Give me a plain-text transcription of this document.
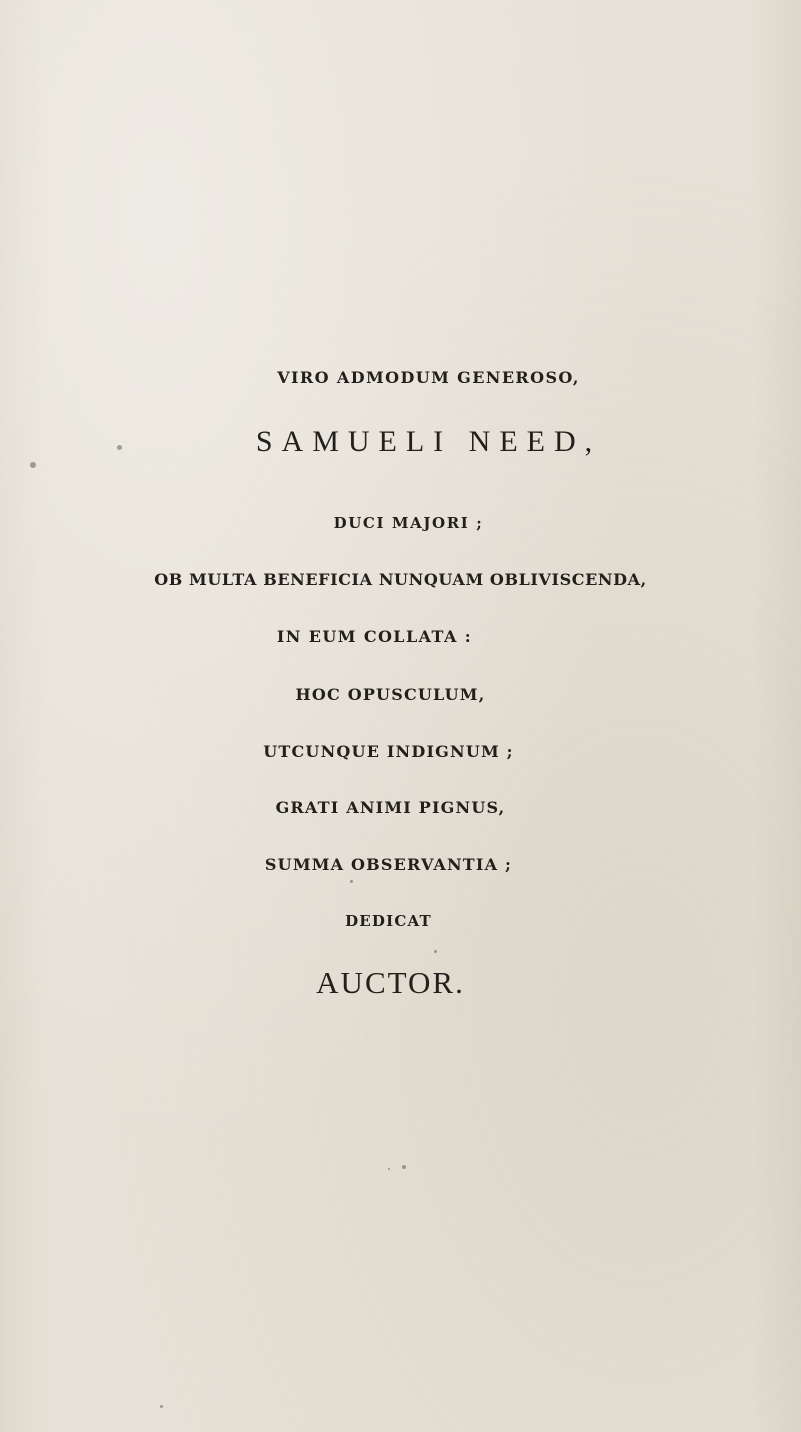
VIRO ADMODUM GENEROSO,
SAMUELI NEED,
DUCI MAJORI ;
OB MULTA BENEFICIA NUNQUAM OBLIVISCENDA,
IN EUM COLLATA :
HOC OPUSCULUM,
UTCUNQUE INDIGNUM ;
GRATI ANIMI PIGNUS,
SUMMA OBSERVANTIA ;
DEDICAT
AUCTOR.
